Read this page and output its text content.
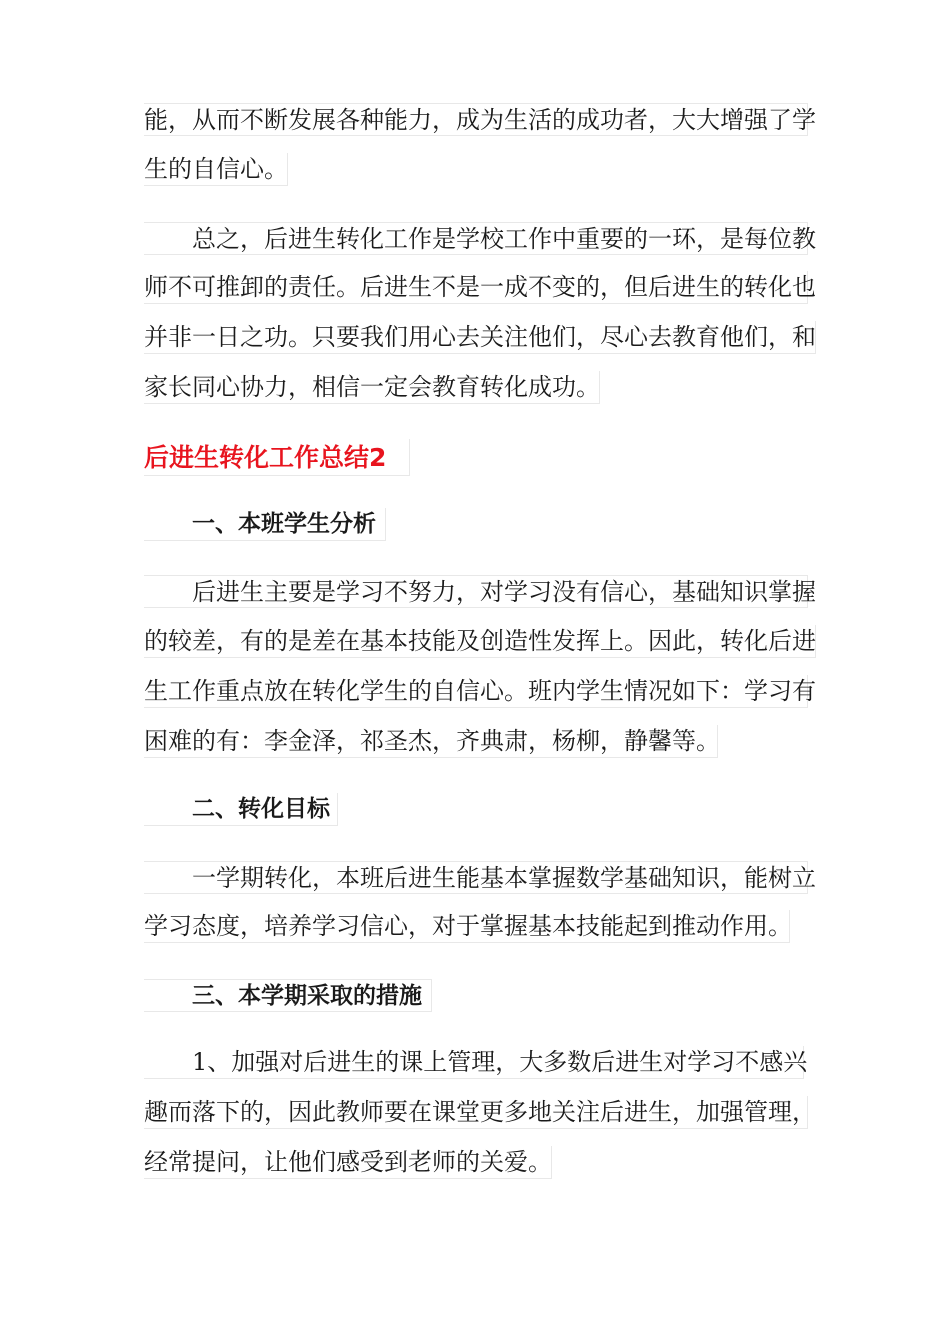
能，从而不断发展各种能力，成为生活的成功者，大大增强了学
生的自信心。
总之，后进生转化工作是学校工作中重要的一环，是每位教
师不可推卸的责任。后进生不是一成不变的，但后进生的转化也
并非一日之功。只要我们用心去关注他们，尽心去教育他们，和
家长同心协力，相信一定会教育转化成功。
后进生转化工作总结2
一、本班学生分析
后进生主要是学习不努力，对学习没有信心，基础知识掌握
的较差，有的是差在基本技能及创造性发挥上。因此，转化后进
生工作重点放在转化学生的自信心。班内学生情况如下：学习有
困难的有：李金泽，祁圣杰，齐典肃，杨柳，静馨等。
二、转化目标
一学期转化，本班后进生能基本掌握数学基础知识，能树立
学习态度，培养学习信心，对于掌握基本技能起到推动作用。
三、本学期采取的措施
1、加强对后进生的课上管理，大多数后进生对学习不感兴
趣而落下的，因此教师要在课堂更多地关注后进生，加强管理，
经常提问，让他们感受到老师的关爱。
